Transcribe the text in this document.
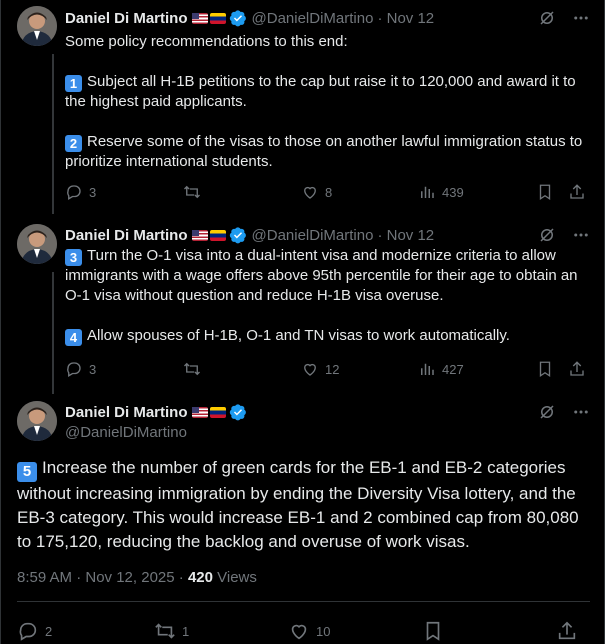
Daniel Di Martino	@DanielDiMartino · Nov 12

Some policy recommendations to this end:

1 Subject all H-1B petitions to the cap but raise it to 120,000 and award it to the highest paid applicants.

2 Reserve some of the visas to those on another lawful immigration status to prioritize international students.

3	8	439
Daniel Di Martino	@DanielDiMartino · Nov 12

3 Turn the O-1 visa into a dual-intent visa and modernize criteria to allow immigrants with a wage offers above 95th percentile for their age to obtain an O-1 visa without question and reduce H-1B visa overuse.

4 Allow spouses of H-1B, O-1 and TN visas to work automatically.

3	12	427
Daniel Di Martino
@DanielDiMartino

5 Increase the number of green cards for the EB-1 and EB-2 categories without increasing immigration by ending the Diversity Visa lottery, and the EB-3 category. This would increase EB-1 and 2 combined cap from 80,080 to 175,120, reducing the backlog and overuse of work visas.

8:59 AM · Nov 12, 2025 · 420 Views
2	1	10
